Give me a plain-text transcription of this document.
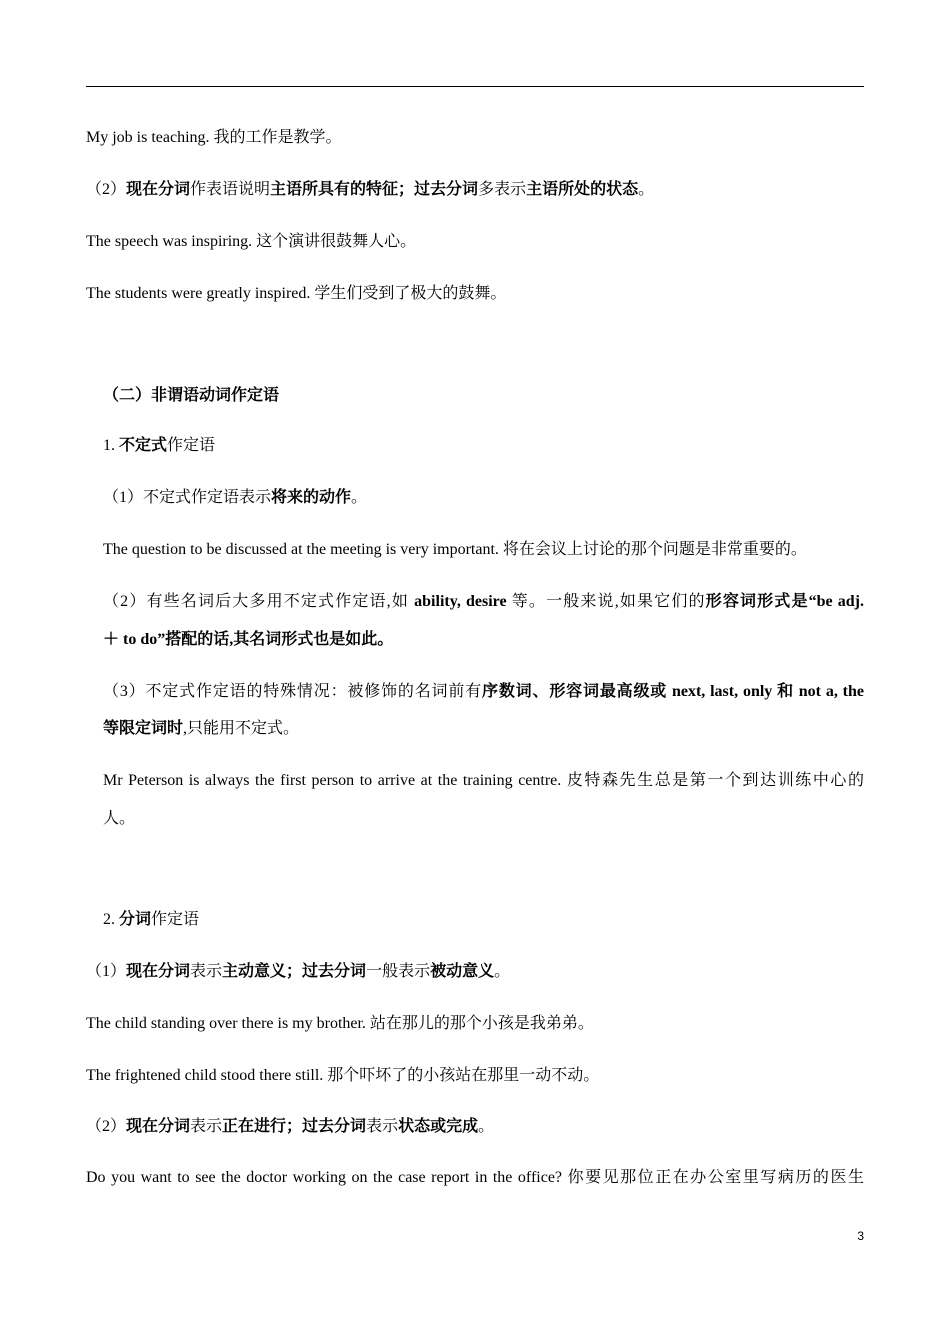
My job is teaching. 我的工作是教学。
（2）现在分词作表语说明主语所具有的特征；过去分词多表示主语所处的状态。
The speech was inspiring. 这个演讲很鼓舞人心。
The students were greatly inspired. 学生们受到了极大的鼓舞。
（二）非谓语动词作定语
1. 不定式作定语
（1）不定式作定语表示将来的动作。
The question to be discussed at the meeting is very important. 将在会议上讨论的那个问题是非常重要的。
（2）有些名词后大多用不定式作定语,如 ability, desire 等。一般来说,如果它们的形容词形式是“be adj.
＋ to do”搭配的话,其名词形式也是如此。
（3）不定式作定语的特殊情况：被修饰的名词前有序数词、形容词最高级或 next, last, only 和 not a, the
等限定词时,只能用不定式。
Mr Peterson is always the first person to arrive at the training centre. 皮特森先生总是第一个到达训练中心的
人。
2. 分词作定语
（1）现在分词表示主动意义；过去分词一般表示被动意义。
The child standing over there is my brother. 站在那儿的那个小孩是我弟弟。
The frightened child stood there still. 那个吓坏了的小孩站在那里一动不动。
（2）现在分词表示正在进行；过去分词表示状态或完成。
Do you want to see the doctor working on the case report in the office? 你要见那位正在办公室里写病历的医生
3
